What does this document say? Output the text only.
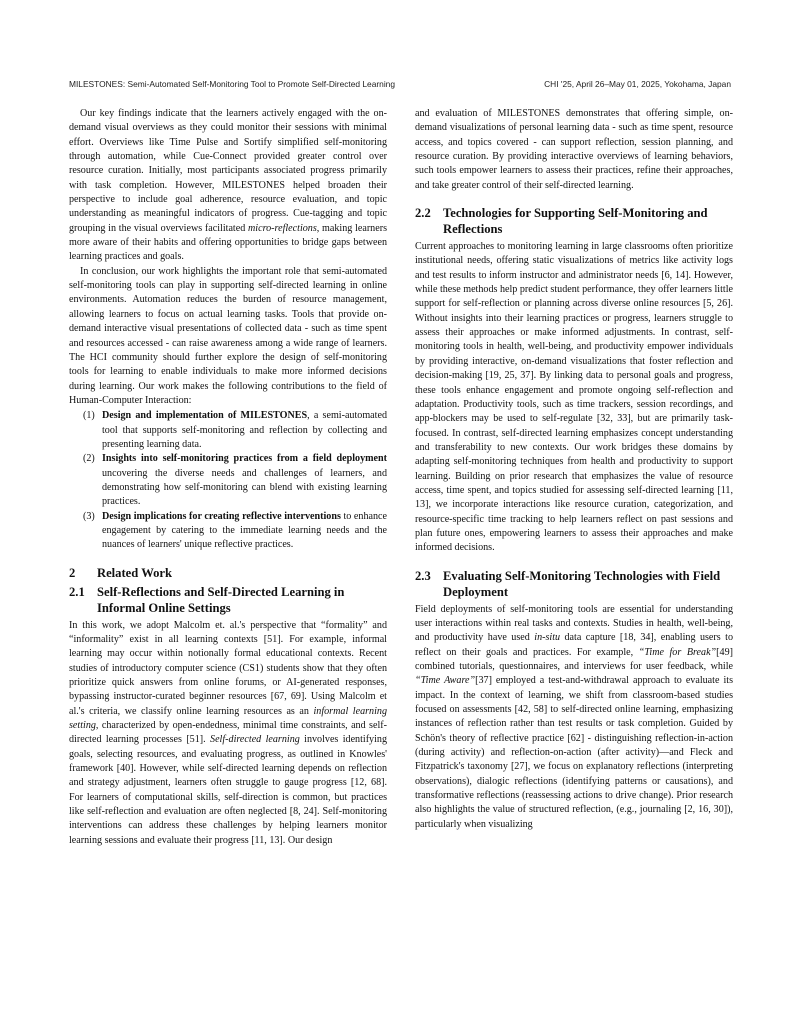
MILESTONES: Semi-Automated Self-Monitoring Tool to Promote Self-Directed Learning	CHI '25, April 26–May 01, 2025, Yokohama, Japan

Our key findings indicate that the learners actively engaged with the on-demand visual overviews as they could monitor their sessions with minimal effort. Overviews like Time Pulse and Sortify simplified self-monitoring through automation, while Cue-Connect provided greater control over resource curation. Initially, most participants associated progress primarily with task completion. However, MILESTONES helped broaden their perspective to include goal adherence, resource evaluation, and topic understanding as meaningful indicators of progress. Cue-tagging and topic grouping in the visual overviews facilitated micro-reflections, making learners more aware of their habits and offering opportunities to bridge gaps between learning practices and goals.

In conclusion, our work highlights the important role that semi-automated self-monitoring tools can play in supporting self-directed learning in online environments. Automation reduces the burden of resource management, allowing learners to focus on actual learning tasks. Tools that provide on-demand interactive visual presentations of collected data - such as time spent and resources accessed - can raise awareness among a wide range of learners. The HCI community should further explore the design of self-monitoring tools for learning to enable individuals to make more informed decisions during learning. Our work makes the following contributions to the field of Human-Computer Interaction:

(1) Design and implementation of MILESTONES, a semi-automated tool that supports self-monitoring and reflection by collecting and presenting learning data.
(2) Insights into self-monitoring practices from a field deployment uncovering the diverse needs and challenges of learners, and demonstrating how self-monitoring can blend with existing learning practices.
(3) Design implications for creating reflective interventions to enhance engagement by catering to the immediate learning needs and the nuances of learners' unique reflective practices.
2	Related Work
2.1 Self-Reflections and Self-Directed Learning in Informal Online Settings

In this work, we adopt Malcolm et. al.'s perspective that “formality” and “informality” exist in all learning contexts [51]. For example, informal learning may occur within notionally formal educational contexts. Recent studies of introductory computer science (CS1) students show that they often prioritize quick answers from online forums, or AI-generated responses, bypassing instructor-curated beginner resources [67, 69]. Using Malcolm et al.'s criteria, we classify online learning resources as an informal learning setting, characterized by open-endedness, minimal time constraints, and self-directed learning processes [51]. Self-directed learning involves identifying goals, selecting resources, and evaluating progress, as outlined in Knowles' framework [40]. However, while self-directed learning depends on reflection and strategy adjustment, learners often struggle to gauge progress [12, 68]. For learners of computational skills, self-direction is common, but practices like self-reflection and evaluation are often neglected [8, 24]. Self-monitoring interventions can address these challenges by helping learners monitor learning sessions and evaluate their progress [11, 13]. Our design

and evaluation of MILESTONES demonstrates that offering simple, on-demand visualizations of personal learning data - such as time spent, resource access, and topics covered - can support reflection, session planning, and resource curation. By providing interactive overviews of learning behaviors, such tools empower learners to assess their practices, refine their approaches, and take greater control of their self-directed learning.

2.2 Technologies for Supporting Self-Monitoring and Reflections

Current approaches to monitoring learning in large classrooms often prioritize institutional needs, offering static visualizations of metrics like activity logs and test results to inform instructor and administrator needs [6, 14]. However, while these methods help predict student performance, they offer learners little support for self-reflection or planning across diverse online resources [5, 26]. Without insights into their learning practices or progress, learners struggle to assess their approaches or make informed adjustments. In contrast, self-monitoring tools in health, well-being, and productivity empower individuals by providing interactive, on-demand visualizations that foster reflection and decision-making [19, 25, 37]. By linking data to personal goals and progress, these tools enhance engagement and promote ongoing self-reflection and adaptation. Productivity tools, such as time trackers, session recordings, and app-blockers may be used to self-regulate [32, 33], but are primarily task-focused. In contrast, self-directed learning emphasizes concept understanding and transferability to new contexts. Our work bridges these domains by adapting self-monitoring techniques from health and productivity to support learning. Building on prior research that emphasizes the value of resource access, time spent, and topics studied for assessing self-directed learning [11, 13], we incorporate interactions like resource curation, categorization, and resource-specific time tracking to help learners reflect on past sessions and plan future ones, empowering learners to assess their approaches and make informed decisions.

2.3 Evaluating Self-Monitoring Technologies with Field Deployment

Field deployments of self-monitoring tools are essential for understanding user interactions within real tasks and contexts. Studies in health, well-being, and productivity have used in-situ data capture [18, 34], enabling users to reflect on their goals and practices. For example, “Time for Break”[49] combined tutorials, questionnaires, and interviews for user feedback, while “Time Aware”[37] employed a test-and-withdrawal approach to evaluate its impact. In the context of learning, we shift from classroom-based studies focused on assessments [42, 58] to self-directed online learning, emphasizing instances of reflection rather than test results or task completion. Guided by Schön's theory of reflective practice [62] - distinguishing reflection-in-action (during activity) and reflection-on-action (after activity)—and Fleck and Fitzpatrick's taxonomy [27], we focus on explanatory reflections (interpreting observations), dialogic reflections (identifying patterns or causations), and transformative reflections (reassessing actions to drive change). Prior research also highlights the value of structured reflection, (e.g., journaling [2, 16, 30]), particularly when visualizing
